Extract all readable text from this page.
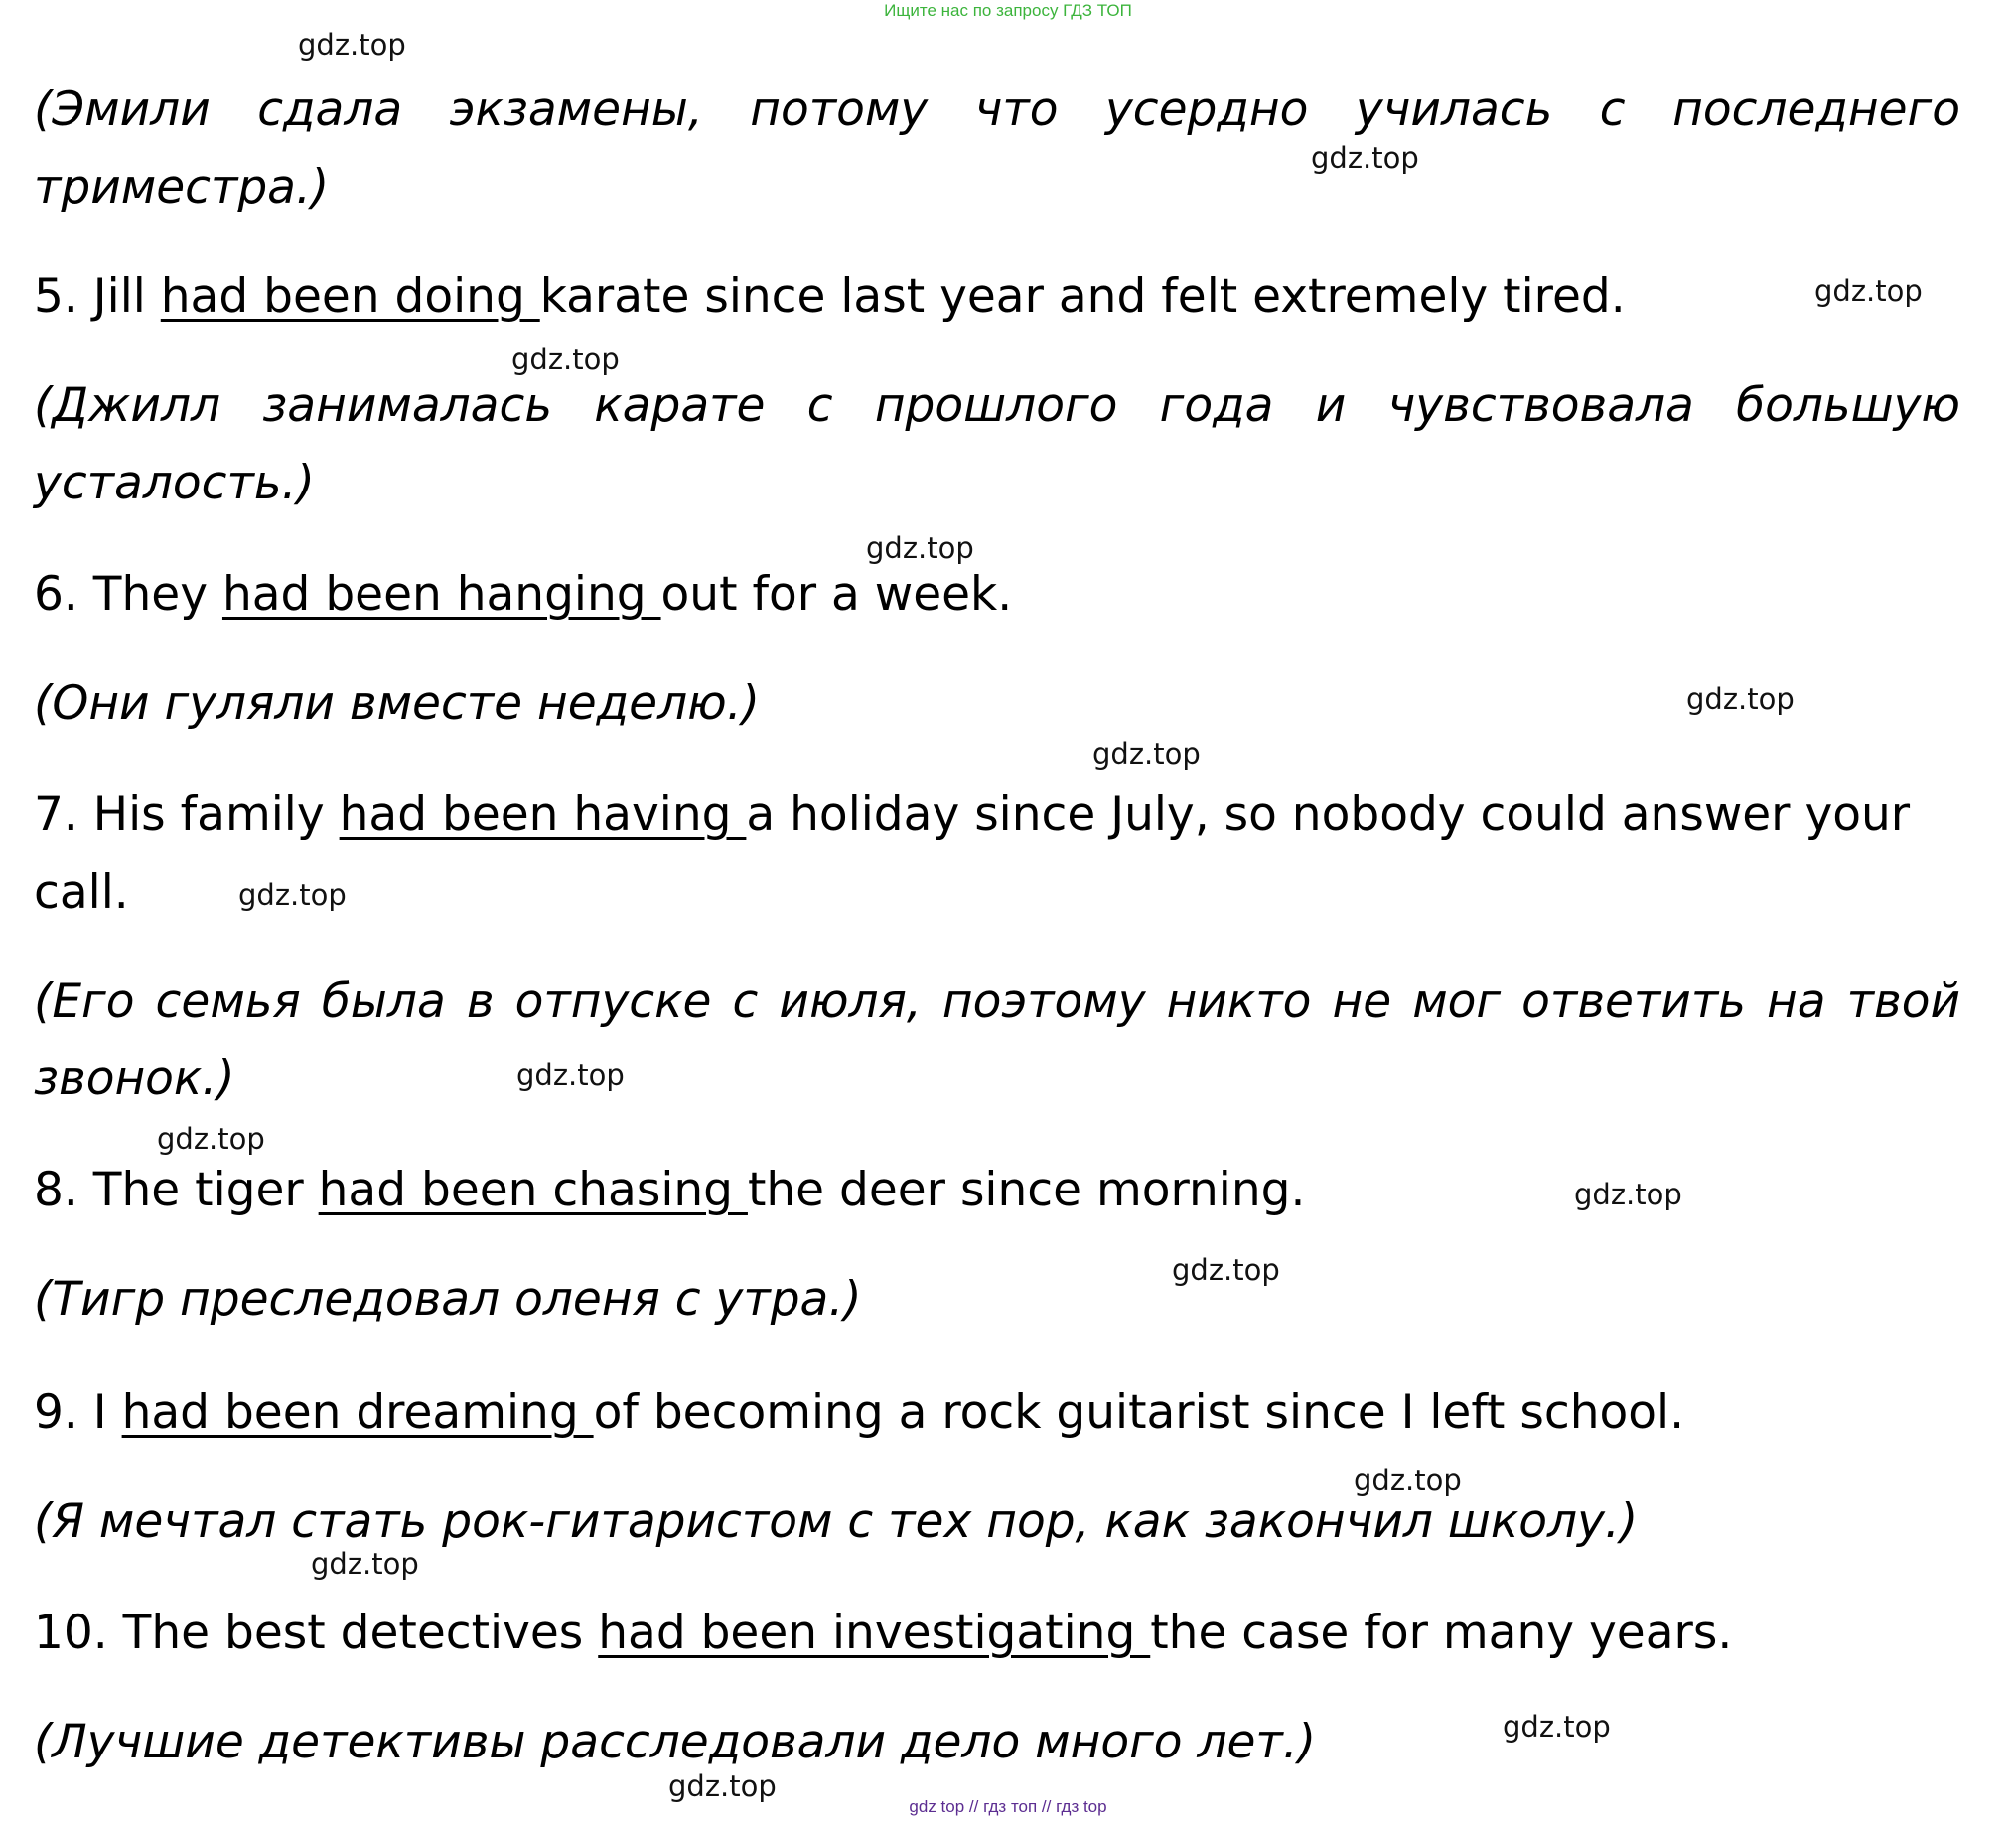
Ищите нас по запросу ГДЗ ТОП

(Эмили сдала экзамены, потому что усердно училась с последнего триместра.)

5. Jill had been doing karate since last year and felt extremely tired.

(Джилл занималась карате с прошлого года и чувствовала большую усталость.)

6. They had been hanging out for a week.

(Они гуляли вместе неделю.)

7. His family had been having a holiday since July, so nobody could answer your call.

(Его семья была в отпуске с июля, поэтому никто не мог ответить на твой звонок.)

8. The tiger had been chasing the deer since morning.

(Тигр преследовал оленя с утра.)

9. I had been dreaming of becoming a rock guitarist since I left school.

(Я мечтал стать рок-гитаристом с тех пор, как закончил школу.)

10. The best detectives had been investigating the case for many years.

(Лучшие детективы расследовали дело много лет.)

gdz.top
gdz.top
gdz.top
gdz.top
gdz.top
gdz.top
gdz.top
gdz.top
gdz.top
gdz.top
gdz.top
gdz.top
gdz.top
gdz.top
gdz.top
gdz.top
gdz top // гдз топ // гдз top
